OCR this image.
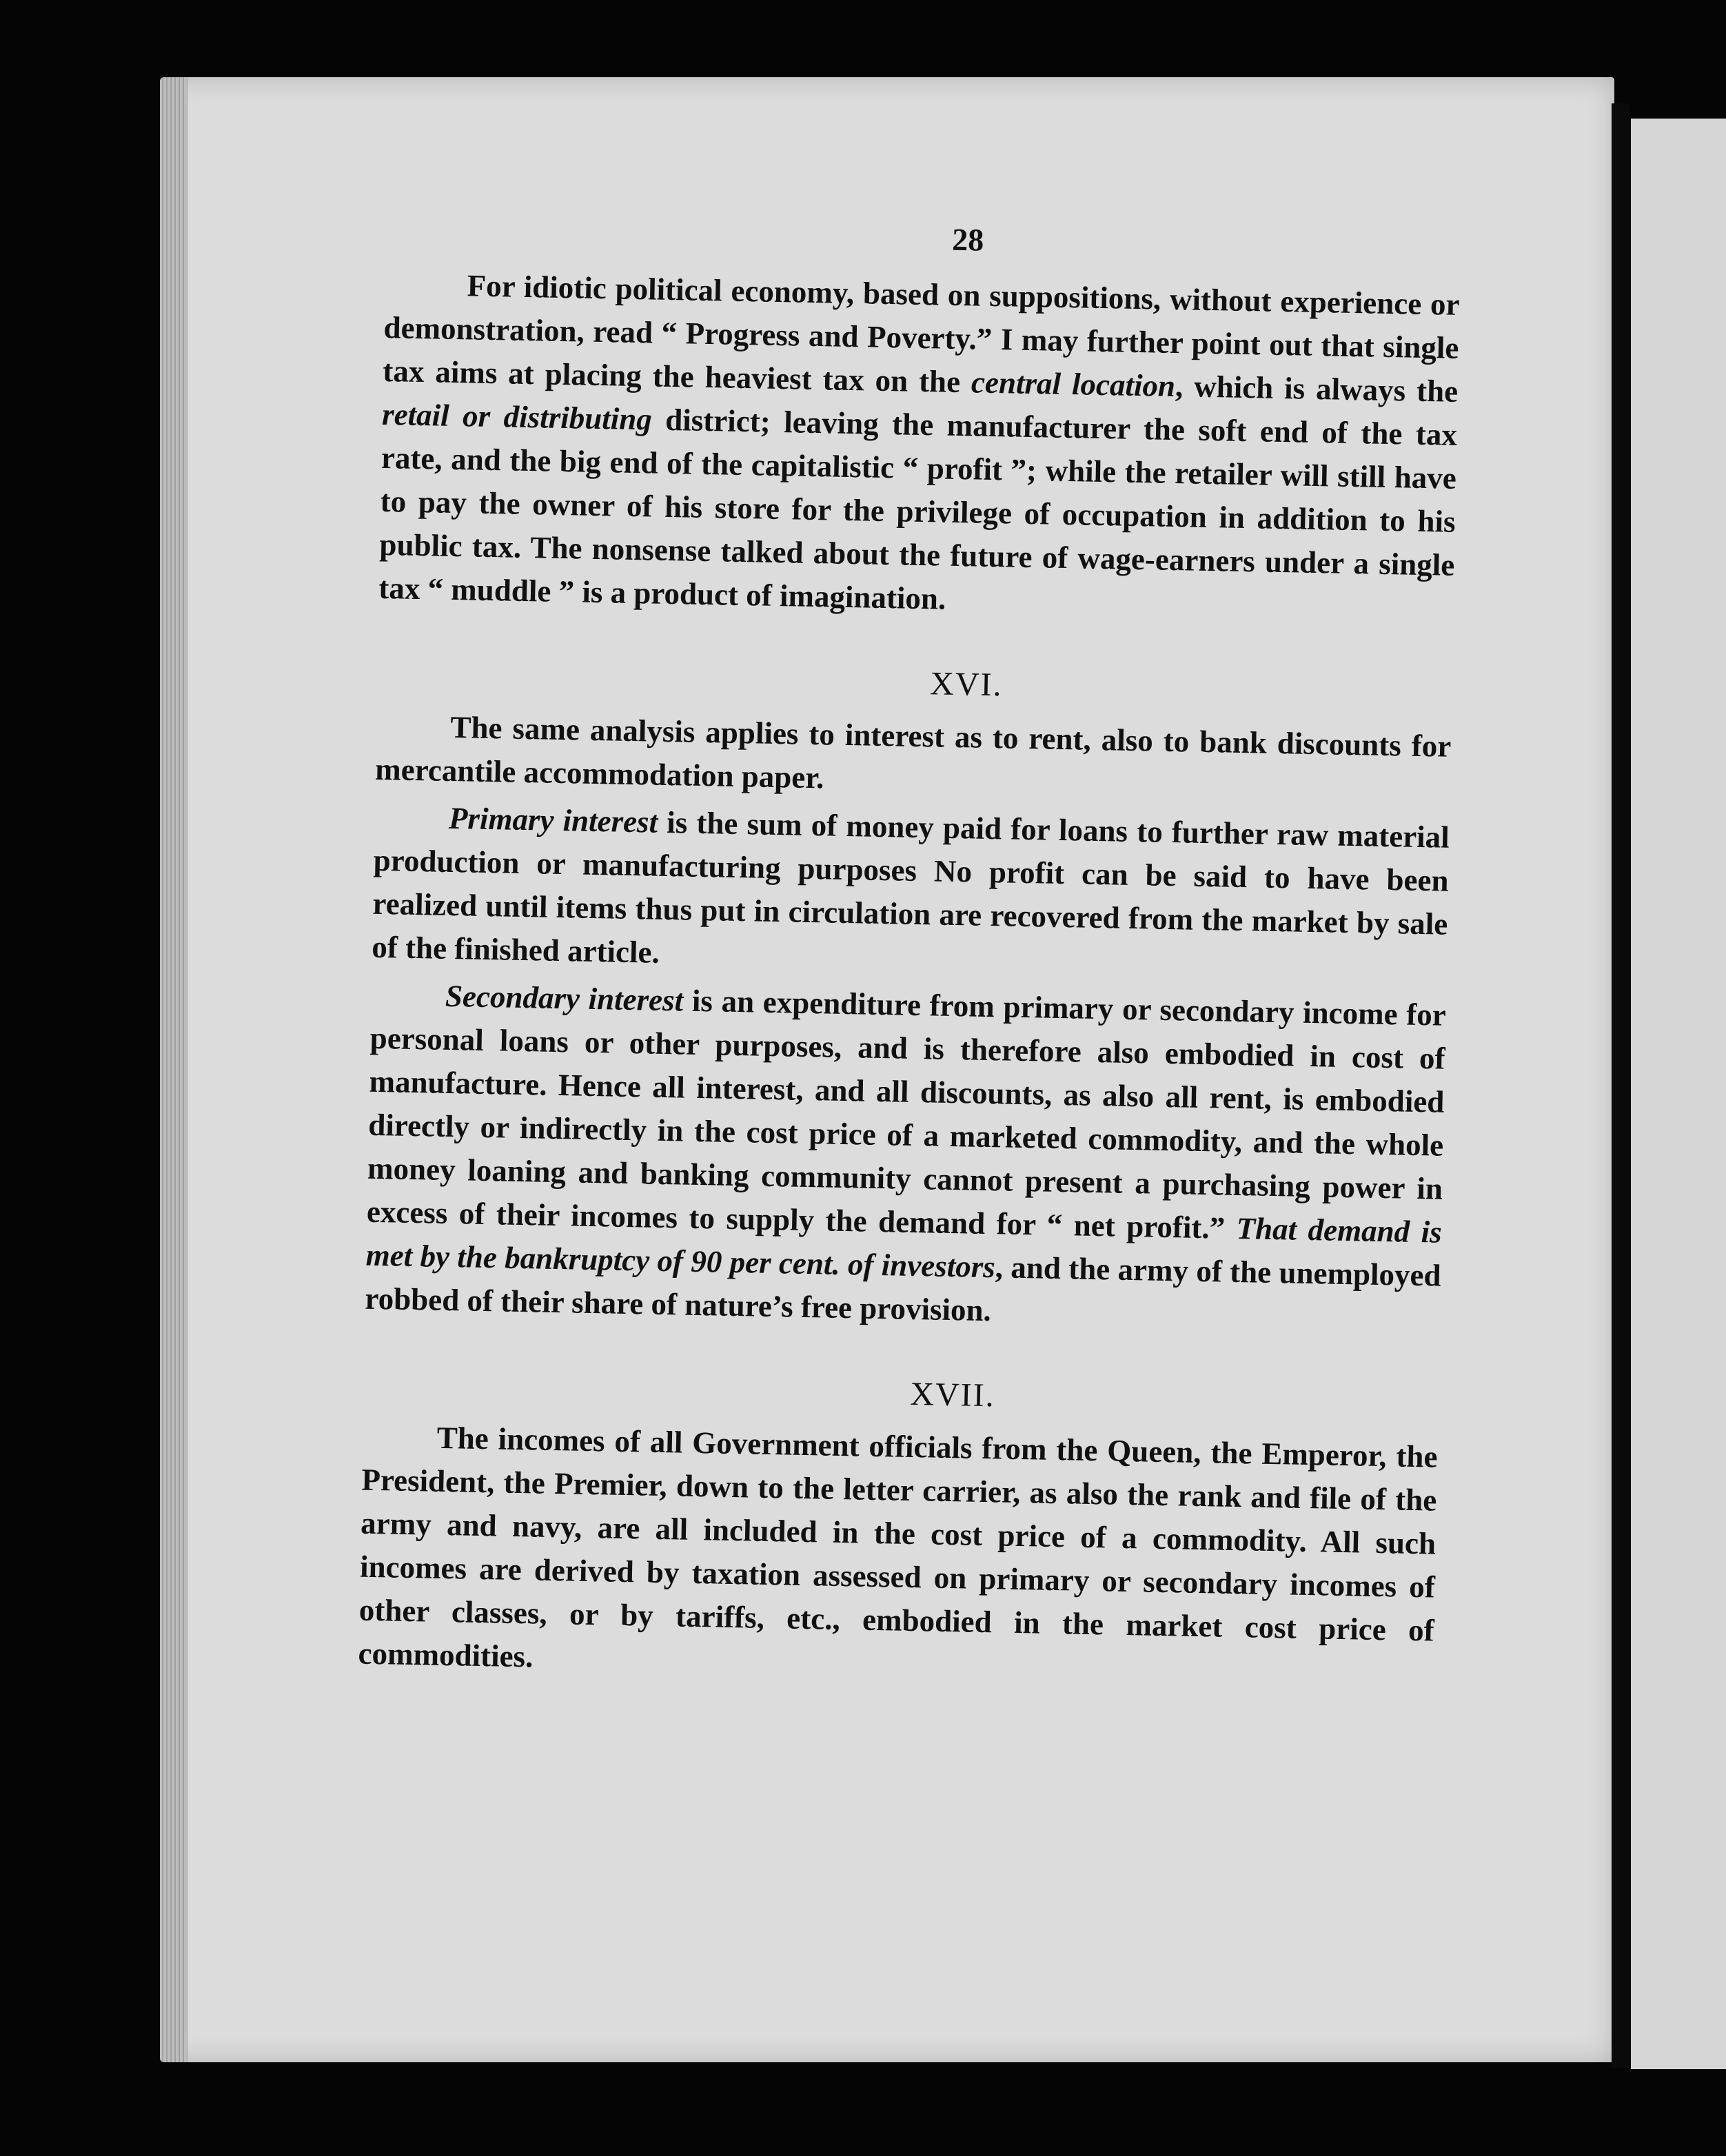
28

For idiotic political economy, based on suppositions, without experience or demonstration, read “ Progress and Poverty.” I may further point out that single tax aims at placing the heaviest tax on the central location, which is always the retail or distributing district; leaving the manufacturer the soft end of the tax rate, and the big end of the capitalistic “ profit ”; while the retailer will still have to pay the owner of his store for the privilege of occupation in addition to his public tax. The nonsense talked about the future of wage-earners under a single tax “ muddle ” is a product of imagination.

XVI.

The same analysis applies to interest as to rent, also to bank discounts for mercantile accommodation paper.

Primary interest is the sum of money paid for loans to further raw material production or manufacturing purposes No profit can be said to have been realized until items thus put in circulation are recovered from the market by sale of the finished article.

Secondary interest is an expenditure from primary or secondary income for personal loans or other purposes, and is therefore also embodied in cost of manufacture. Hence all interest, and all discounts, as also all rent, is embodied directly or indirectly in the cost price of a marketed commodity, and the whole money loaning and banking community cannot present a purchasing power in excess of their incomes to supply the demand for “ net profit.” That demand is met by the bankruptcy of 90 per cent. of investors, and the army of the unemployed robbed of their share of nature’s free provision.

XVII.

The incomes of all Government officials from the Queen, the Emperor, the President, the Premier, down to the letter carrier, as also the rank and file of the army and navy, are all included in the cost price of a commodity. All such incomes are derived by taxation assessed on primary or secondary incomes of other classes, or by tariffs, etc., embodied in the market cost price of commodities.
